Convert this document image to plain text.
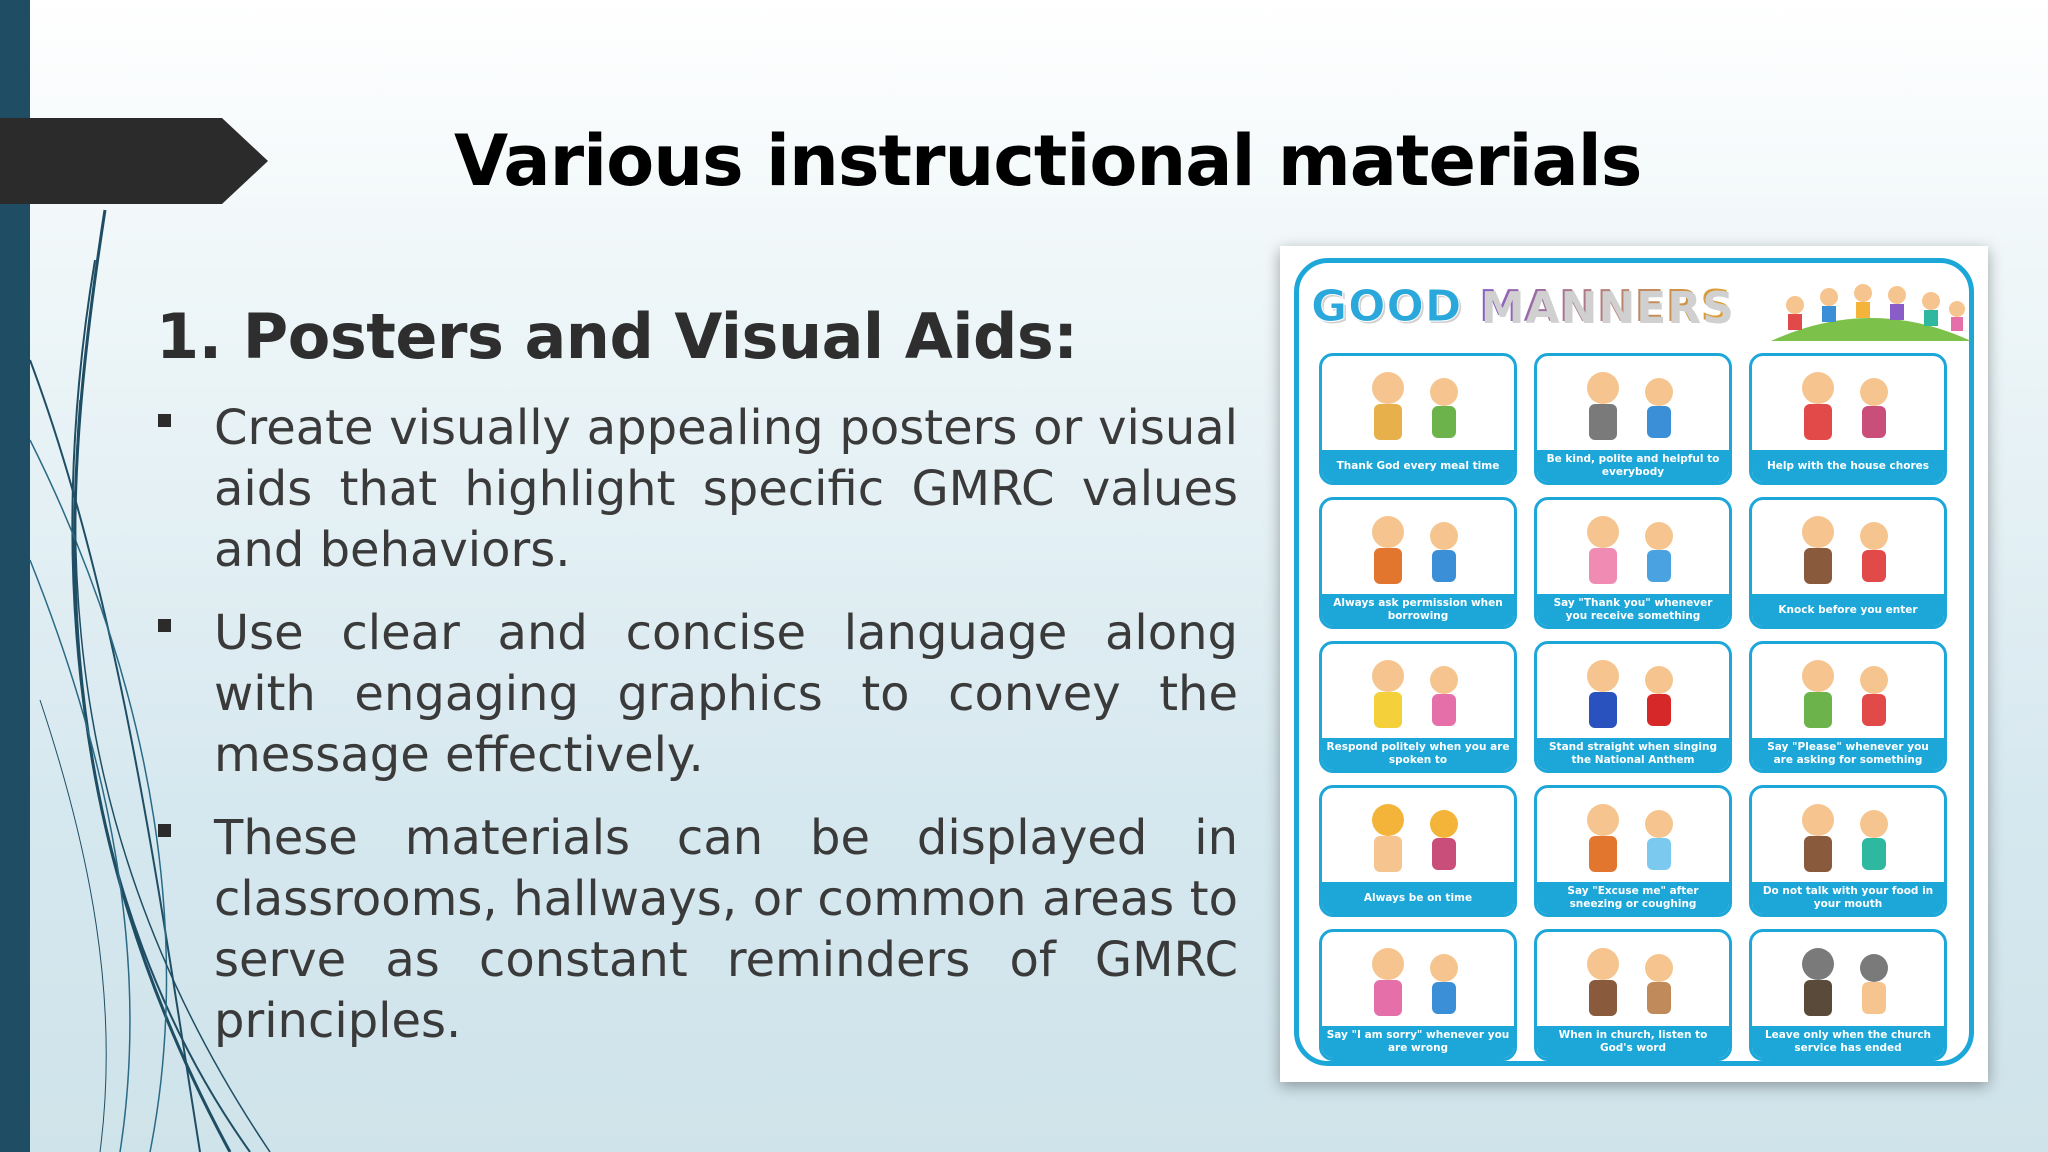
Various instructional materials
1. Posters and Visual Aids:
Create visually appealing posters or visual aids that highlight specific GMRC values and behaviors.
Use clear and concise language along with engaging graphics to convey the message effectively.
These materials can be displayed in classrooms, hallways, or common areas to serve as constant reminders of GMRC principles.
GOOD MANNERS
Thank God every meal time
Be kind, polite and helpful to everybody
Help with the house chores
Always ask permission when borrowing
Say "Thank you" whenever you receive something
Knock before you enter
Respond politely when you are spoken to
Stand straight when singing the National Anthem
Say "Please" whenever you are asking for something
Always be on time
Say "Excuse me" after sneezing or coughing
Do not talk with your food in your mouth
Say "I am sorry" whenever you are wrong
When in church, listen to God's word
Leave only when the church service has ended
